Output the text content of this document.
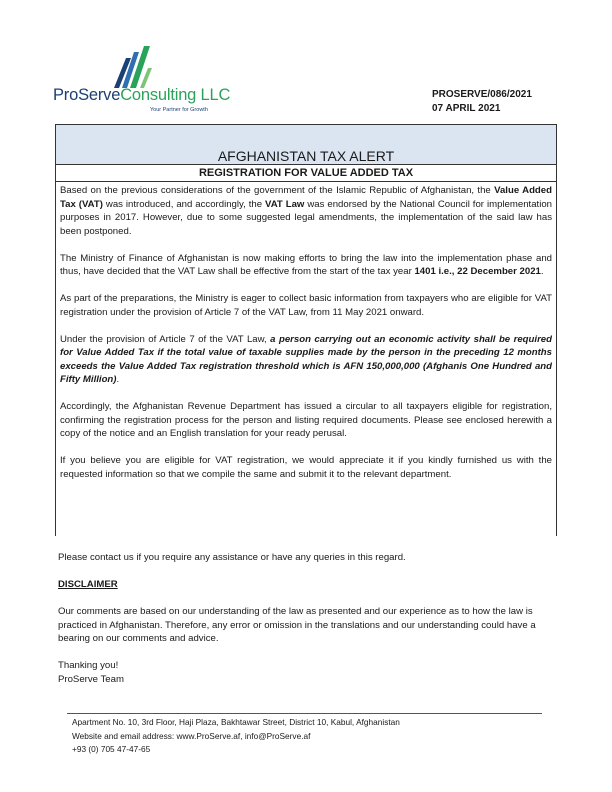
ProServeConsulting LLC
Your Partner for Growth
PROSERVE/086/2021
07 APRIL 2021
AFGHANISTAN TAX ALERT
REGISTRATION FOR VALUE ADDED TAX

Based on the previous considerations of the government of the Islamic Republic of Afghanistan, the Value Added Tax (VAT) was introduced, and accordingly, the VAT Law was endorsed by the National Council for implementation purposes in 2017. However, due to some suggested legal amendments, the implementation of the said law has been postponed.

The Ministry of Finance of Afghanistan is now making efforts to bring the law into the implementation phase and thus, have decided that the VAT Law shall be effective from the start of the tax year 1401 i.e., 22 December 2021.

As part of the preparations, the Ministry is eager to collect basic information from taxpayers who are eligible for VAT registration under the provision of Article 7 of the VAT Law, from 11 May 2021 onward.

Under the provision of Article 7 of the VAT Law, a person carrying out an economic activity shall be required for Value Added Tax if the total value of taxable supplies made by the person in the preceding 12 months exceeds the Value Added Tax registration threshold which is AFN 150,000,000 (Afghanis One Hundred and Fifty Million).

Accordingly, the Afghanistan Revenue Department has issued a circular to all taxpayers eligible for registration, confirming the registration process for the person and listing required documents. Please see enclosed herewith a copy of the notice and an English translation for your ready perusal.

If you believe you are eligible for VAT registration, we would appreciate it if you kindly furnished us with the requested information so that we compile the same and submit it to the relevant department.

Please contact us if you require any assistance or have any queries in this regard.

DISCLAIMER

Our comments are based on our understanding of the law as presented and our experience as to how the law is practiced in Afghanistan. Therefore, any error or omission in the translations and our understanding could have a bearing on our comments and advice.

Thanking you!
ProServe Team
Apartment No. 10, 3rd Floor, Haji Plaza, Bakhtawar Street, District 10, Kabul, Afghanistan
Website and email address: www.ProServe.af, info@ProServe.af
+93 (0) 705 47-47-65
